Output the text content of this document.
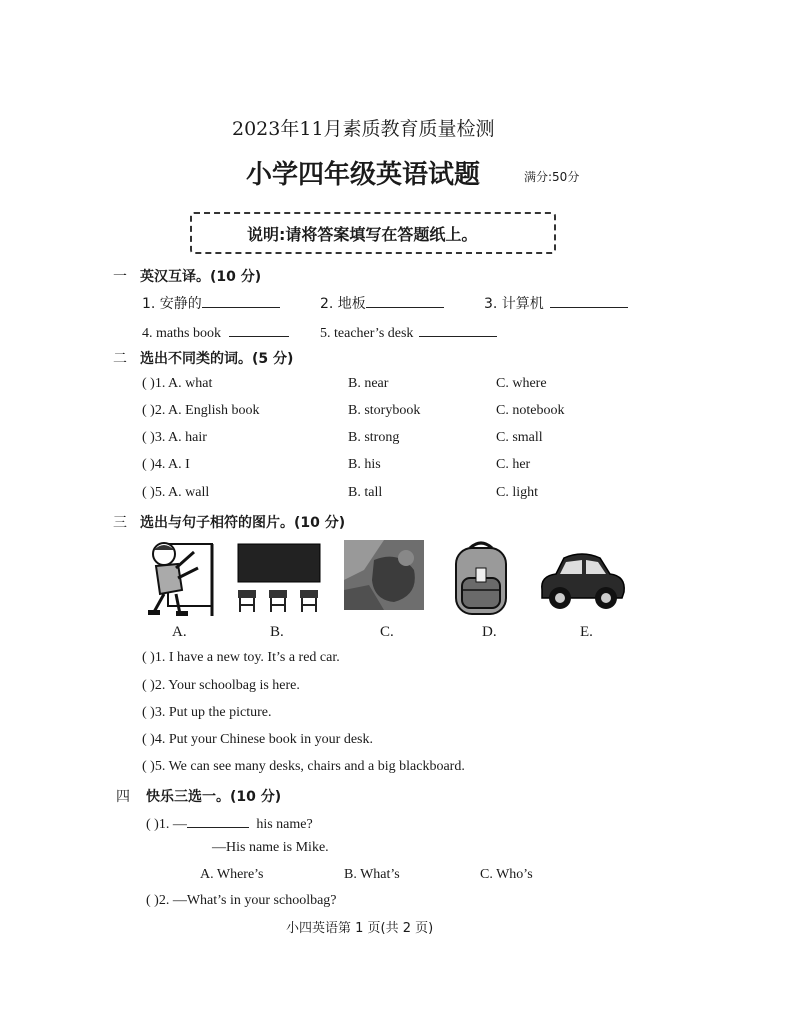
2023年11月素质教育质量检测
小学四年级英语试题	满分:50分
说明:请将答案填写在答题纸上。
一 英汉互译。(10 分)
1. 安静的	2. 地板	3. 计算机
4. maths book	5. teacher’s desk
二 选出不同类的词。(5 分)
( )1. A. what	B. near	C. where
( )2. A. English book	B. storybook	C. notebook
( )3. A. hair	B. strong	C. small
( )4. A. I	B. his	C. her
( )5. A. wall	B. tall	C. light
三 选出与句子相符的图片。(10 分)
A.	B.	C.	D.	E.
( )1. I have a new toy. It’s a red car.
( )2. Your schoolbag is here.
( )3. Put up the picture.
( )4. Put your Chinese book in your desk.
( )5. We can see many desks, chairs and a big blackboard.
四 快乐三选一。(10 分)
( )1. —	his name?
—His name is Mike.
A. Where’s	B. What’s	C. Who’s
( )2. —What’s in your schoolbag?
小四英语第 1 页(共 2 页)
